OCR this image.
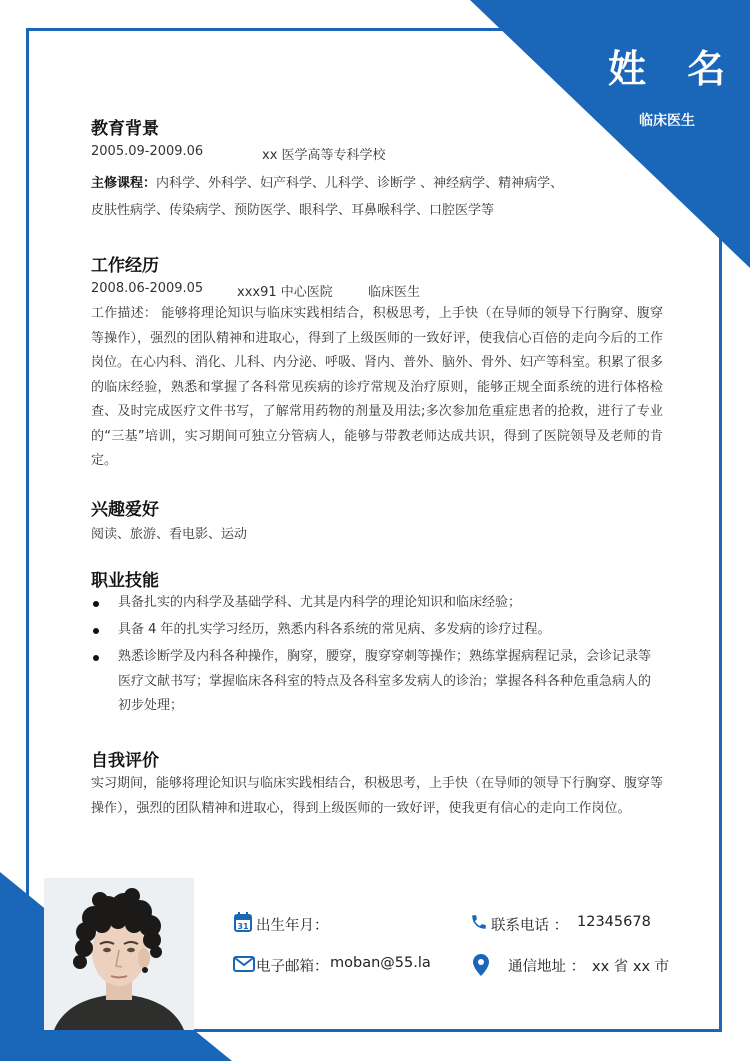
姓 名
临床医生
教育背景
2005.09-2009.06	xx 医学高等专科学校
主修课程：内科学、外科学、妇产科学、儿科学、诊断学 、神经病学、精神病学、
皮肤性病学、传染病学、预防医学、眼科学、耳鼻喉科学、口腔医学等
工作经历
2008.06-2009.05	xxx91 中心医院	临床医生
工作描述： 能够将理论知识与临床实践相结合，积极思考，上手快（在导师的领导下行胸穿、腹穿等操作），强烈的团队精神和进取心，得到了上级医师的一致好评，使我信心百倍的走向今后的工作岗位。在心内科、消化、儿科、内分泌、呼吸、肾内、普外、脑外、骨外、妇产等科室。积累了很多的临床经验，熟悉和掌握了各科常见疾病的诊疗常规及治疗原则，能够正规全面系统的进行体格检查、及时完成医疗文件书写，了解常用药物的剂量及用法;多次参加危重症患者的抢救，进行了专业的“三基”培训，实习期间可独立分管病人，能够与带教老师达成共识，得到了医院领导及老师的肯定。
兴趣爱好
阅读、旅游、看电影、运动
职业技能
具备扎实的内科学及基础学科、尤其是内科学的理论知识和临床经验；
具备 4 年的扎实学习经历，熟悉内科各系统的常见病、多发病的诊疗过程。
熟悉诊断学及内科各种操作，胸穿，腰穿，腹穿穿刺等操作；熟练掌握病程记录，会诊记录等医疗文献书写；掌握临床各科室的特点及各科室多发病人的诊治；掌握各科各种危重急病人的初步处理；
自我评价
实习期间，能够将理论知识与临床实践相结合，积极思考，上手快（在导师的领导下行胸穿、腹穿等操作），强烈的团队精神和进取心，得到上级医师的一致好评，使我更有信心的走向工作岗位。
31 出生年月：	联系电话 ： 12345678
电子邮箱： moban@55.la	通信地址 ： xx 省 xx 市
